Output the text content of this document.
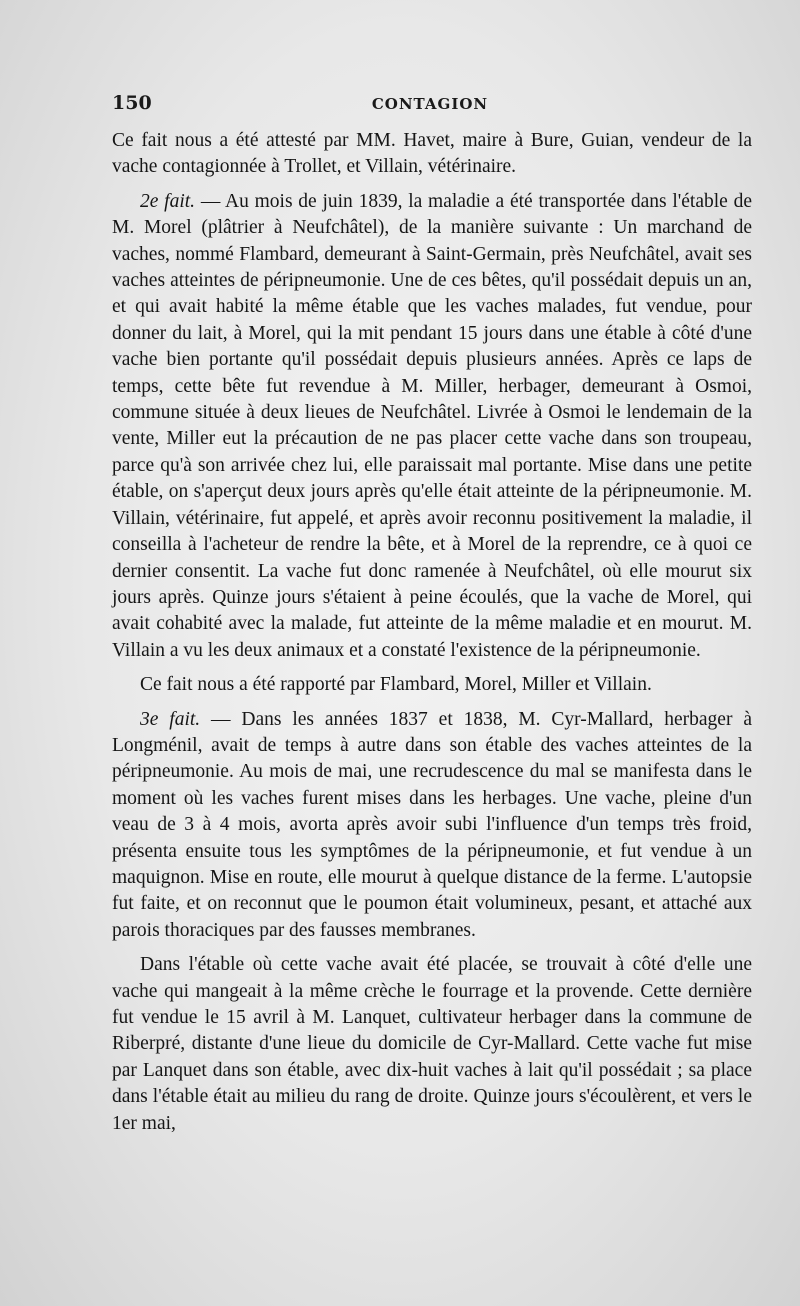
150	CONTAGION

Ce fait nous a été attesté par MM. Havet, maire à Bure, Guian, vendeur de la vache contagionnée à Trollet, et Villain, vétérinaire.

2e fait. — Au mois de juin 1839, la maladie a été transportée dans l'étable de M. Morel (plâtrier à Neufchâtel), de la manière suivante : Un marchand de vaches, nommé Flambard, demeurant à Saint-Germain, près Neufchâtel, avait ses vaches atteintes de péripneumonie. Une de ces bêtes, qu'il possédait depuis un an, et qui avait habité la même étable que les vaches malades, fut vendue, pour donner du lait, à Morel, qui la mit pendant 15 jours dans une étable à côté d'une vache bien portante qu'il possédait depuis plusieurs années. Après ce laps de temps, cette bête fut revendue à M. Miller, herbager, demeurant à Osmoi, commune située à deux lieues de Neufchâtel. Livrée à Osmoi le lendemain de la vente, Miller eut la précaution de ne pas placer cette vache dans son troupeau, parce qu'à son arrivée chez lui, elle paraissait mal portante. Mise dans une petite étable, on s'aperçut deux jours après qu'elle était atteinte de la péripneumonie. M. Villain, vétérinaire, fut appelé, et après avoir reconnu positivement la maladie, il conseilla à l'acheteur de rendre la bête, et à Morel de la reprendre, ce à quoi ce dernier consentit. La vache fut donc ramenée à Neufchâtel, où elle mourut six jours après. Quinze jours s'étaient à peine écoulés, que la vache de Morel, qui avait cohabité avec la malade, fut atteinte de la même maladie et en mourut. M. Villain a vu les deux animaux et a constaté l'existence de la péripneumonie.

Ce fait nous a été rapporté par Flambard, Morel, Miller et Villain.

3e fait. — Dans les années 1837 et 1838, M. Cyr-Mallard, herbager à Longménil, avait de temps à autre dans son étable des vaches atteintes de la péripneumonie. Au mois de mai, une recrudescence du mal se manifesta dans le moment où les vaches furent mises dans les herbages. Une vache, pleine d'un veau de 3 à 4 mois, avorta après avoir subi l'influence d'un temps très froid, présenta ensuite tous les symptômes de la péripneumonie, et fut vendue à un maquignon. Mise en route, elle mourut à quelque distance de la ferme. L'autopsie fut faite, et on reconnut que le poumon était volumineux, pesant, et attaché aux parois thoraciques par des fausses membranes.

Dans l'étable où cette vache avait été placée, se trouvait à côté d'elle une vache qui mangeait à la même crèche le fourrage et la provende. Cette dernière fut vendue le 15 avril à M. Lanquet, cultivateur herbager dans la commune de Riberpré, distante d'une lieue du domicile de Cyr-Mallard. Cette vache fut mise par Lanquet dans son étable, avec dix-huit vaches à lait qu'il possédait ; sa place dans l'étable était au milieu du rang de droite. Quinze jours s'écoulèrent, et vers le 1er mai,
